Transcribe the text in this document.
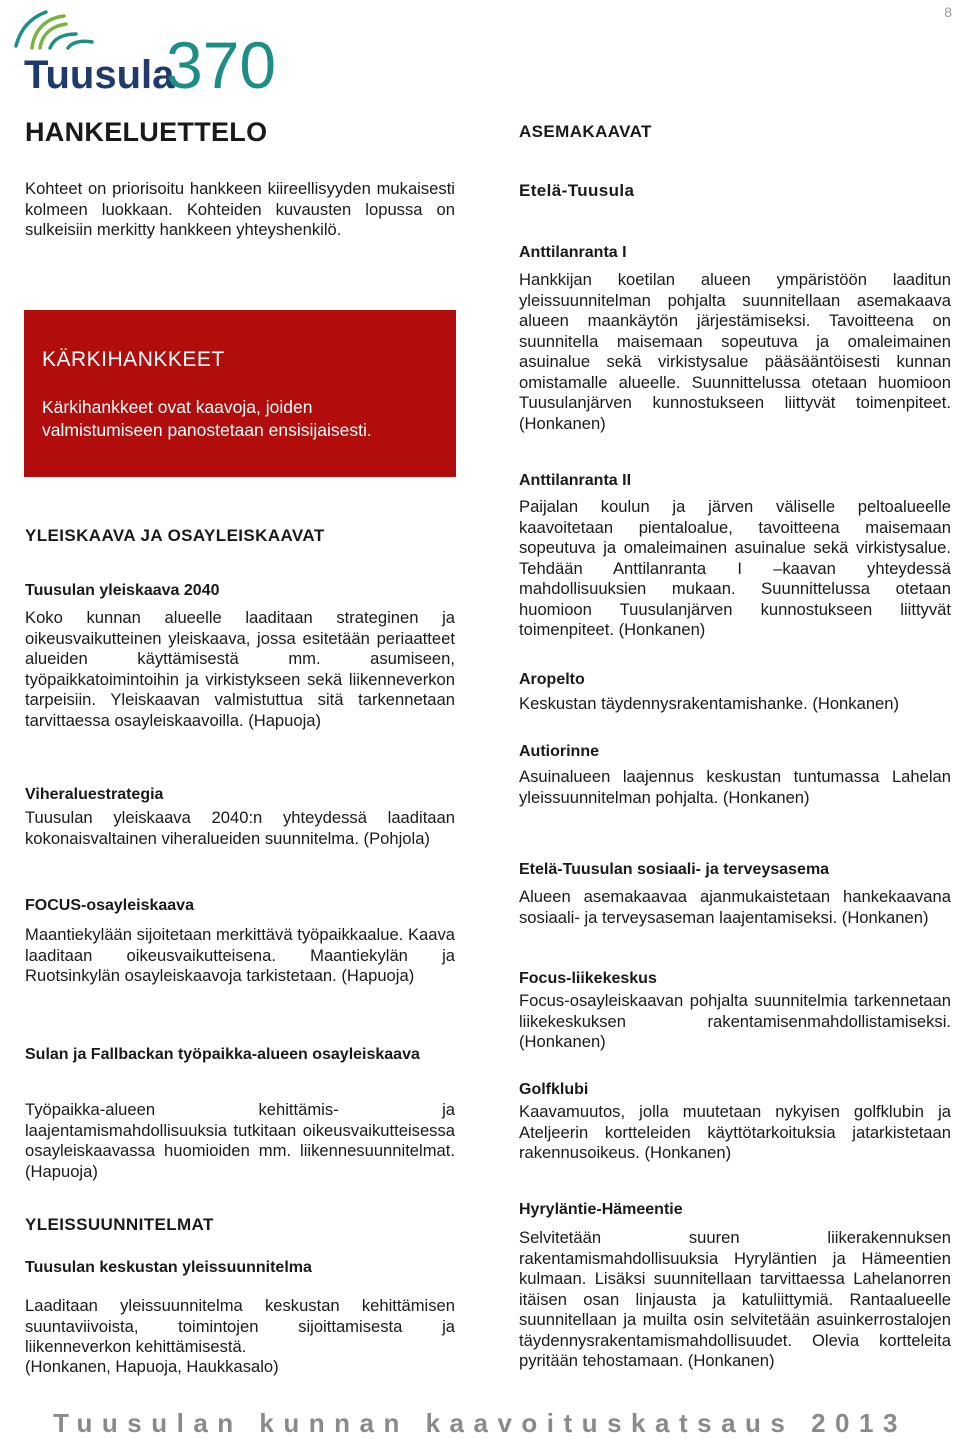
Tuusula
370
8
HANKELUETTELO
Kohteet on priorisoitu hankkeen kiireellisyyden mukaisesti kolmeen luokkaan. Kohteiden kuvausten lopussa on sulkeisiin merkitty hankkeen yhteyshenkilö.
KÄRKIHANKKEET
Kärkihankkeet ovat kaavoja, joiden valmistumiseen panostetaan ensisijaisesti.
YLEISKAAVA JA OSAYLEISKAAVAT
Tuusulan yleiskaava 2040
Koko kunnan alueelle laaditaan strateginen ja oikeusvaikutteinen yleiskaava, jossa esitetään periaatteet alueiden käyttämisestä mm. asumiseen, työpaikkatoimintoihin ja virkistykseen sekä liikenneverkon tarpeisiin. Yleiskaavan valmistuttua sitä tarkennetaan tarvittaessa osayleiskaavoilla. (Hapuoja)
Viheraluestrategia
Tuusulan yleiskaava 2040:n yhteydessä laaditaan kokonaisvaltainen viheralueiden suunnitelma. (Pohjola)
FOCUS-osayleiskaava
Maantiekylään sijoitetaan merkittävä työpaikkaalue. Kaava laaditaan oikeusvaikutteisena. Maantiekylän ja Ruotsinkylän osayleiskaavoja tarkistetaan. (Hapuoja)
Sulan ja Fallbackan työpaikka-alueen osayleiskaava
Työpaikka-alueen kehittämis- ja laajentamismahdollisuuksia tutkitaan oikeusvaikutteisessa osayleiskaavassa huomioiden mm. liikennesuunnitelmat. (Hapuoja)
YLEISSUUNNITELMAT
Tuusulan keskustan yleissuunnitelma
Laaditaan yleissuunnitelma keskustan kehittämisen suuntaviivoista, toimintojen sijoittamisesta ja liikenneverkon kehittämisestä.
(Honkanen, Hapuoja, Haukkasalo)
ASEMAKAAVAT
Etelä-Tuusula
Anttilanranta I
Hankkijan koetilan alueen ympäristöön laaditun yleissuunnitelman pohjalta suunnitellaan asemakaava alueen maankäytön järjestämiseksi. Tavoitteena on suunnitella maisemaan sopeutuva ja omaleimainen asuinalue sekä virkistysalue pääsääntöisesti kunnan omistamalle alueelle. Suunnittelussa otetaan huomioon Tuusulanjärven kunnostukseen liittyvät toimenpiteet. (Honkanen)
Anttilanranta II
Paijalan koulun ja järven väliselle peltoalueelle kaavoitetaan pientaloalue, tavoitteena maisemaan sopeutuva ja omaleimainen asuinalue sekä virkistysalue. Tehdään Anttilanranta I –kaavan yhteydessä mahdollisuuksien mukaan. Suunnittelussa otetaan huomioon Tuusulanjärven kunnostukseen liittyvät toimenpiteet. (Honkanen)
Aropelto
Keskustan täydennysrakentamishanke. (Honkanen)
Autiorinne
Asuinalueen laajennus keskustan tuntumassa Lahelan yleissuunnitelman pohjalta. (Honkanen)
Etelä-Tuusulan sosiaali- ja terveysasema
Alueen asemakaavaa ajanmukaistetaan hankekaavana sosiaali- ja terveysaseman laajentamiseksi. (Honkanen)
Focus-liikekeskus
Focus-osayleiskaavan pohjalta suunnitelmia tarkennetaan liikekeskuksen rakentamisenmahdollistamiseksi. (Honkanen)
Golfklubi
Kaavamuutos, jolla muutetaan nykyisen golfklubin ja Ateljeerin kortteleiden käyttötarkoituksia jatarkistetaan rakennusoikeus. (Honkanen)
Hyryläntie-Hämeentie
Selvitetään suuren liikerakennuksen rakentamismahdollisuuksia Hyryläntien ja Hämeentien kulmaan. Lisäksi suunnitellaan tarvittaessa Lahelanorren itäisen osan linjausta ja katuliittymiä. Rantaalueelle suunnitellaan ja muilta osin selvitetään asuinkerrostalojen täydennysrakentamismahdollisuudet. Olevia kortteleita pyritään tehostamaan. (Honkanen)
Tuusulan kunnan kaavoituskatsaus 2013
